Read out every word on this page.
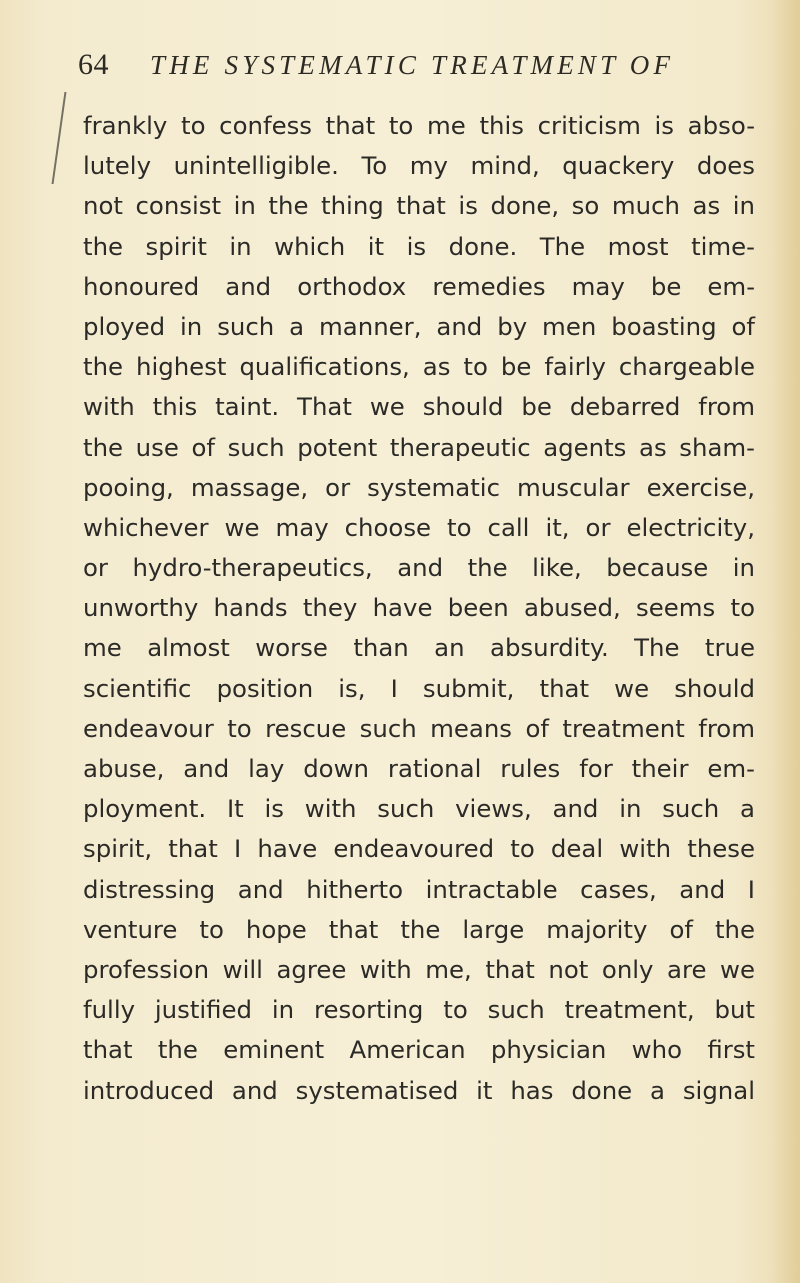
64 THE SYSTEMATIC TREATMENT OF
frankly to confess that to me this criticism is abso-
lutely unintelligible. To my mind, quackery does
not consist in the thing that is done, so much as in
the spirit in which it is done. The most time-
honoured and orthodox remedies may be em-
ployed in such a manner, and by men boasting of
the highest qualifications, as to be fairly chargeable
with this taint. That we should be debarred from
the use of such potent therapeutic agents as sham-
pooing, massage, or systematic muscular exercise,
whichever we may choose to call it, or electricity,
or hydro-therapeutics, and the like, because in
unworthy hands they have been abused, seems to
me almost worse than an absurdity. The true
scientific position is, I submit, that we should
endeavour to rescue such means of treatment from
abuse, and lay down rational rules for their em-
ployment. It is with such views, and in such a
spirit, that I have endeavoured to deal with these
distressing and hitherto intractable cases, and I
venture to hope that the large majority of the
profession will agree with me, that not only are we
fully justified in resorting to such treatment, but
that the eminent American physician who first
introduced and systematised it has done a signal
